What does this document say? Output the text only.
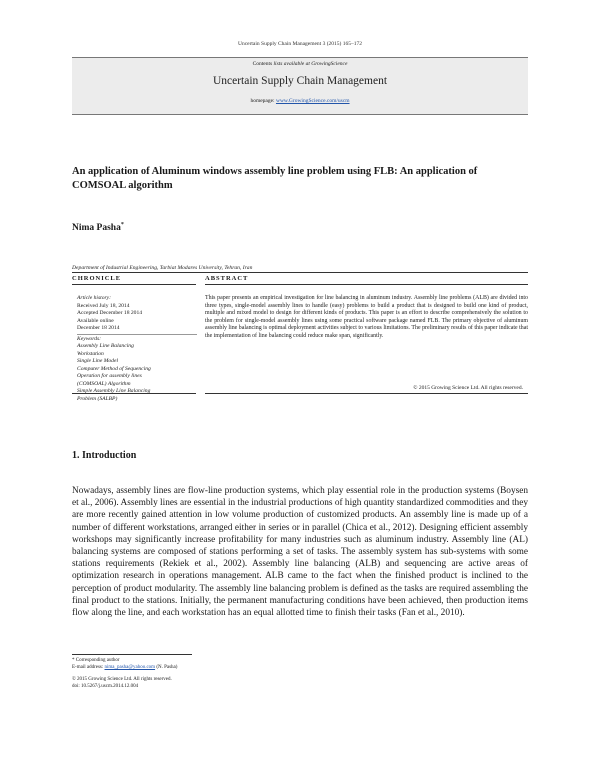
Uncertain Supply Chain Management 3 (2015) 165–172
Contents lists available at GrowingScience
Uncertain Supply Chain Management
homepage: www.GrowingScience.com/uscm
An application of Aluminum windows assembly line problem using FLB: An application of COMSOAL algorithm
Nima Pasha*
Department of Industrial Engineering, Tarbiat Modares University, Tehran, Iran
CHRONICLE	ABSTRACT
Article history:
Received July 18, 2014
Accepted December 18 2014
Available online
December 18 2014
Keywords:
Assembly Line Balancing
Workstation
Single Line Model
Computer Method of Sequencing
Operation for assembly lines
(COMSOAL) Algorithm
Simple Assembly Line Balancing
Problem (SALBP)
This paper presents an empirical investigation for line balancing in aluminum industry. Assembly line problems (ALB) are divided into three types, single-model assembly lines to handle (easy) problems to build a product that is designed to build one kind of product, multiple and mixed model to design for different kinds of products. This paper is an effort to describe comprehensively the solution to the problem for single-model assembly lines using some practical software package named FLB. The primary objective of aluminum assembly line balancing is optimal deployment activities subject to various limitations. The preliminary results of this paper indicate that the implementation of line balancing could reduce make span, significantly.
© 2015 Growing Science Ltd. All rights reserved.
1. Introduction
Nowadays, assembly lines are flow-line production systems, which play essential role in the production systems (Boysen et al., 2006). Assembly lines are essential in the industrial productions of high quantity standardized commodities and they are more recently gained attention in low volume production of customized products. An assembly line is made up of a number of different workstations, arranged either in series or in parallel (Chica et al., 2012). Designing efficient assembly workshops may significantly increase profitability for many industries such as aluminum industry. Assembly line (AL) balancing systems are composed of stations performing a set of tasks. The assembly system has sub-systems with some stations requirements (Rekiek et al., 2002). Assembly line balancing (ALB) and sequencing are active areas of optimization research in operations management. ALB came to the fact when the finished product is inclined to the perception of product modularity. The assembly line balancing problem is defined as the tasks are required assembling the final product to the stations. Initially, the permanent manufacturing conditions have been achieved, then production items flow along the line, and each workstation has an equal allotted time to finish their tasks (Fan et al., 2010).
* Corresponding author
E-mail address: nima_pasha@yahoo.com (N. Pasha)
© 2015 Growing Science Ltd. All rights reserved.
doi: 10.5267/j.uscm.2014.12.004
